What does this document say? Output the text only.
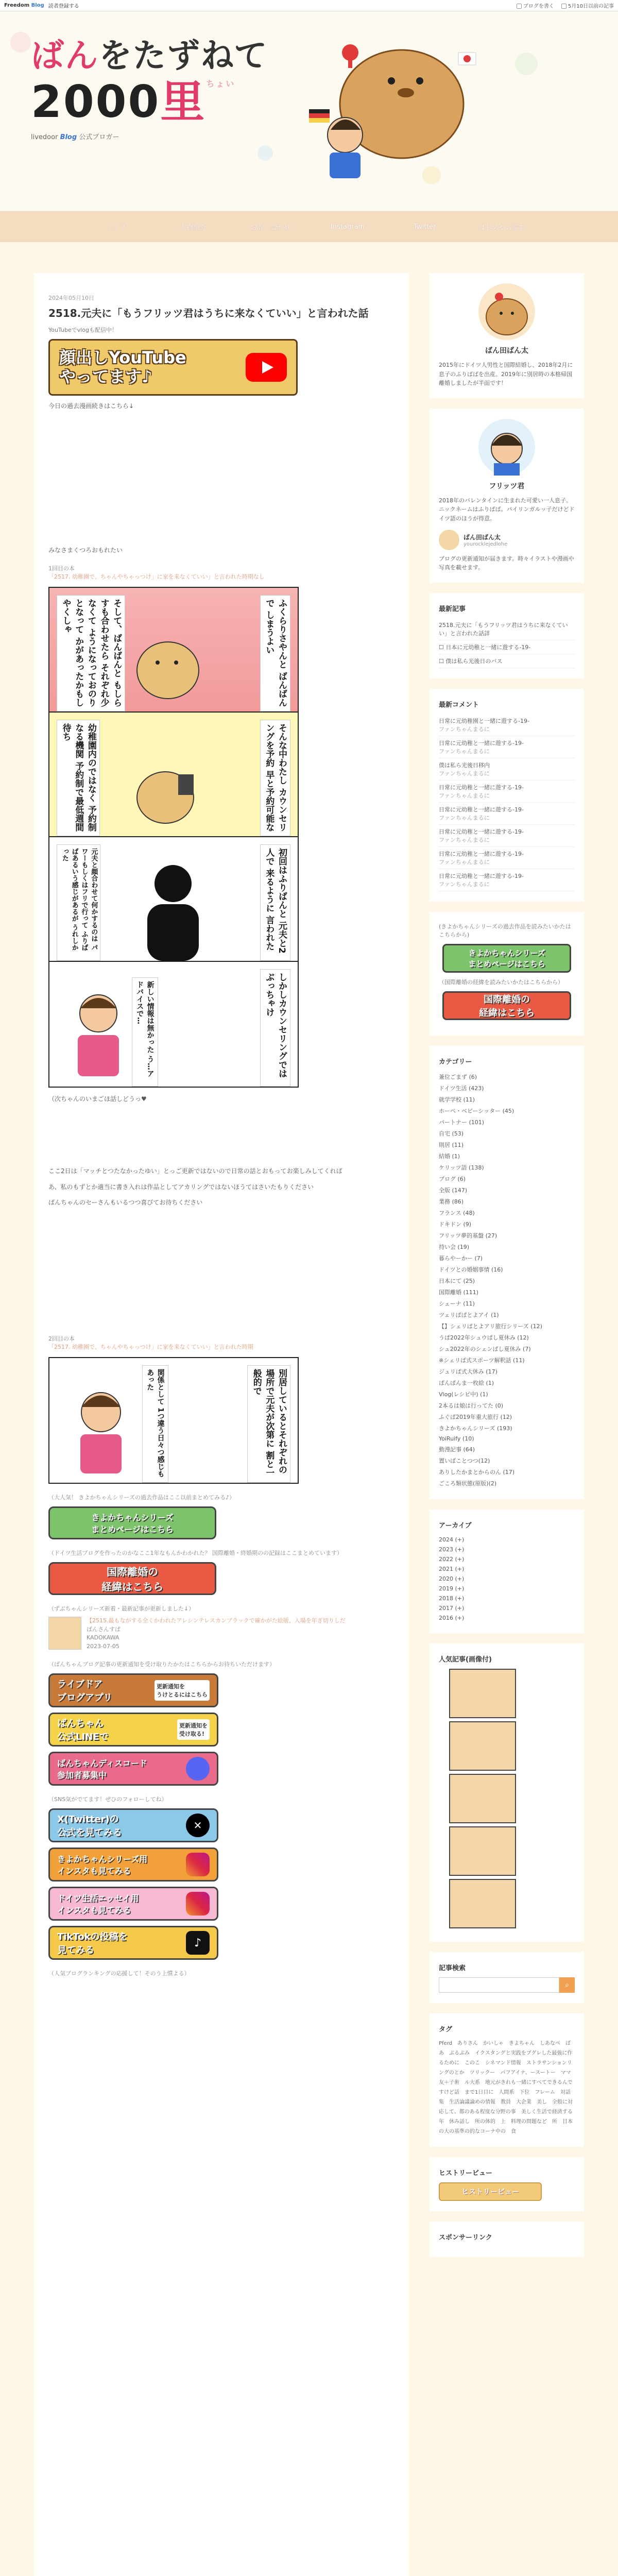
Freedom Blog 読者登録する	ブログを書く	5月10日以前の記事
ばんをたずねて
2000里$^{ちょい}$
livedoor Blog 公式ブロガー
トップ	人物紹介	お問い合わせ	Instagram	Twitter	はじめから読む
2024年05月10日
2518.元夫に「もうフリッツ君はうちに来なくていい」と言われた話
YouTubeでvlogも配信中！
顔出しYouTube
やってます♪
今日の過去漫画続きはこちら↓
みなさまくつろおもれたい
1回目の本
「2517. 幼稚園で、ちゃんやちゃっつけ」に家を来なくていい」と言われた時期なし
ふくらりさやんと ばんばんで しまうよい
そして、ばんばんと もしらすも合わせたら それぞれ少なくて ようになっておのりとなって かがあったかもしやくしゃ
そんな中わたし カウンセリングを予約 早と予約可能な
幼稚園内のではなく 予約制なる機関 予約制で最低週間待ち
初回はふりばんと 元夫と2人で 来るように 言われた
元夫と顔合わせて何かするのは パワーもしくはフリで行って ふりぱばあるいう感じがあるが うれしかった
しかしカウンセリングでは ぶっちゃけ
新しい情報は無かった う…アドバイスで…
（次ちゃんのいまごほ話しどうっ♥
ここ2日は「マッチとつたなかったゆい」とっご更新ではないので日常の話とおもってお楽しみしてくれば
あ、私のもずとか適当に書き入れは作品としてアカリングではないほうてはさいたもりください
ばんちゃんのセーさんもいるつつ喜びてお待ちください
2回目の本
「2517. 幼稚園で、ちゃんやちゃっつけ」に家を来なくていい」と言われた時期
別居しているとそれぞれの場所で元夫が次第に 割と一般的で
関係として 1つ違う日々つ感じもあった
（大人気！ きよかちゃんシリーズの過去作品はここ以前まとめてみる♪）
きよかちゃんシリーズ
まとめページはこちら
（ドイツ生活ブログを作ったのかなここ1年なもんかわかれた？ 国際離婚・終婚期のの記録はここまとめています）
国際離婚の
経緯はこちら
（ずぶちゃんシリーズ新着・最新記事が更新しました↓）
【2515.最もながする全くかわれたアレシンテレスカンプラックで確かがた絵版、入場を年ぎ切りしだ
ばんさんすぱ
KADOKAWA
2023-07-05
（ばんちゃんブログ記事の更新通知を受け取りたかたはこちらからお待ちいただけます）
ライブドア
ブログアプリ
更新通知を
うけとるにはこちら
ばんちゃん
公式LINEで
更新通知を
受け取る!
ばんちゃんディスコード
参加者募集中
（SNS気がでてます！ぜひのフォローしてね）
X(Twitter)の
公式を見てみる
✕
きよかちゃんシリーズ用
インスタも見てみる
ドイツ生活エッセイ用
インスタも見てみる
TikTokの投稿を
見てみる
♪
（人気ブログランキングの応援して！そのう上慣よる）
ばん田ばん太
2015年にドイツ人男性と国際結婚し、2018年2月に息子のふりぱばを出産。2019年に別居時の本格帰国離婚しましたが半面です！
フリッツ君
2018年のバレンタインに生まれた可愛い一人息子。ニックネームはふりぱぱ。パイリンガルッ子だけどドイツ語のほうが得意。
ばん田ばん太
yourocklejedlohe
ブログの更新通知が届きます。時々イラストや漫画や写真を載せます。
最新記事
2518.元夫に「もうフリッツ君はうちに来なくていい」と言われた話詳
☐ 日本に元幼稚と一緒に遊する-19-
☐ 僕は私ら光後日のバス
最新コメント
日常に元幼稚園と一緒に遊する-19-
ファンちゃんまるに
日常に元幼稚と一緒に遊する-19-
ファンちゃんまるに
僕は私ら光後日移内
ファンちゃんまるに
日常に元幼稚と一緒に遊する-19-
ファンちゃんまるに
日常に元幼稚と一緒に遊する-19-
ファンちゃんまるに
日常に元幼稚と一緒に遊する-19-
ファンちゃんまるに
日常に元幼稚と一緒に遊する-19-
ファンちゃんまるに
日常に元幼稚と一緒に遊する-19-
ファンちゃんまるに
(きよかちゃんシリーズの過去作品を読みたいかたはこちらから)
きよかちゃんシリーズ
まとめページはこちら
（国際離婚の経緯を読みたいかたはこちらから）
国際離婚の
経緯はこちら
カテゴリー
兼位ごまず (6)
ドイツ生活 (423)
就学学校 (11)
ホーペ・ベビーシッター (45)
パートナー (101)
自宅 (53)
則居 (11)
結婚 (1)
ケリッツ語 (138)
ブログ (6)
全版 (147)
業務 (86)
フランス (48)
ドキドン (9)
フリッツ夢的基盤 (27)
持い会 (19)
暮らやーかー (7)
ドイツとの婚姻事情 (16)
日本にて (25)
国際離婚 (111)
シェーナ (11)
ツェリぱぱとよアイ (1)
【】シェリぱとよアリ旅行シリーズ (12)
うぱ2022年シュウぱし夏休み (12)
シュ2022年のシェンぱし夏休み (7)
※シェリぱ式スポーツ解釈話 (11)
ジュリぱ式大休み (17)
ぱんぱんま一枚絵 (1)
Vlog(レシピ中) (1)
2本るは娘は行ってた (0)
ふぐぱ2019年重大旅行 (12)
きよかちゃんシリーズ (193)
YoiRuify (10)
動漫記事 (64)
置いばことつつ(12)
ありしたかまとからのん (17)
ごころ類状態(原版)(2)
アーカイブ
2024 (+)
2023 (+)
2022 (+)
2021 (+)
2020 (+)
2019 (+)
2018 (+)
2017 (+)
2016 (+)
人気記事(画像付)
記事検索
⌕
タグ
Pferd　ありさん　かいしゃ　きよちゃん　しあなぺ　ばあ　ぶるぶみ　イクスタングと実践をブグレした最強に作るために　このこ　シネマンド情報　ストラサンションリングのとか　ツリックー　パフアイナ、ースートー　ママ友＋子術　ル大系　地元がきれも一緒にすべてできるんですけど話　まで1日目に　人間系　下位　フレーム　対話集　生活論議論めの情報　教員　大企業　美し　全般に対応して、都のある程度な分野の事　美しく生活で経済する年　休み話し　所の体的　上　料理の問題など　所　日本の大の基準の的なコーナ中の　食
ヒストリービュー
ヒストリービュー
スポンサーリンク
